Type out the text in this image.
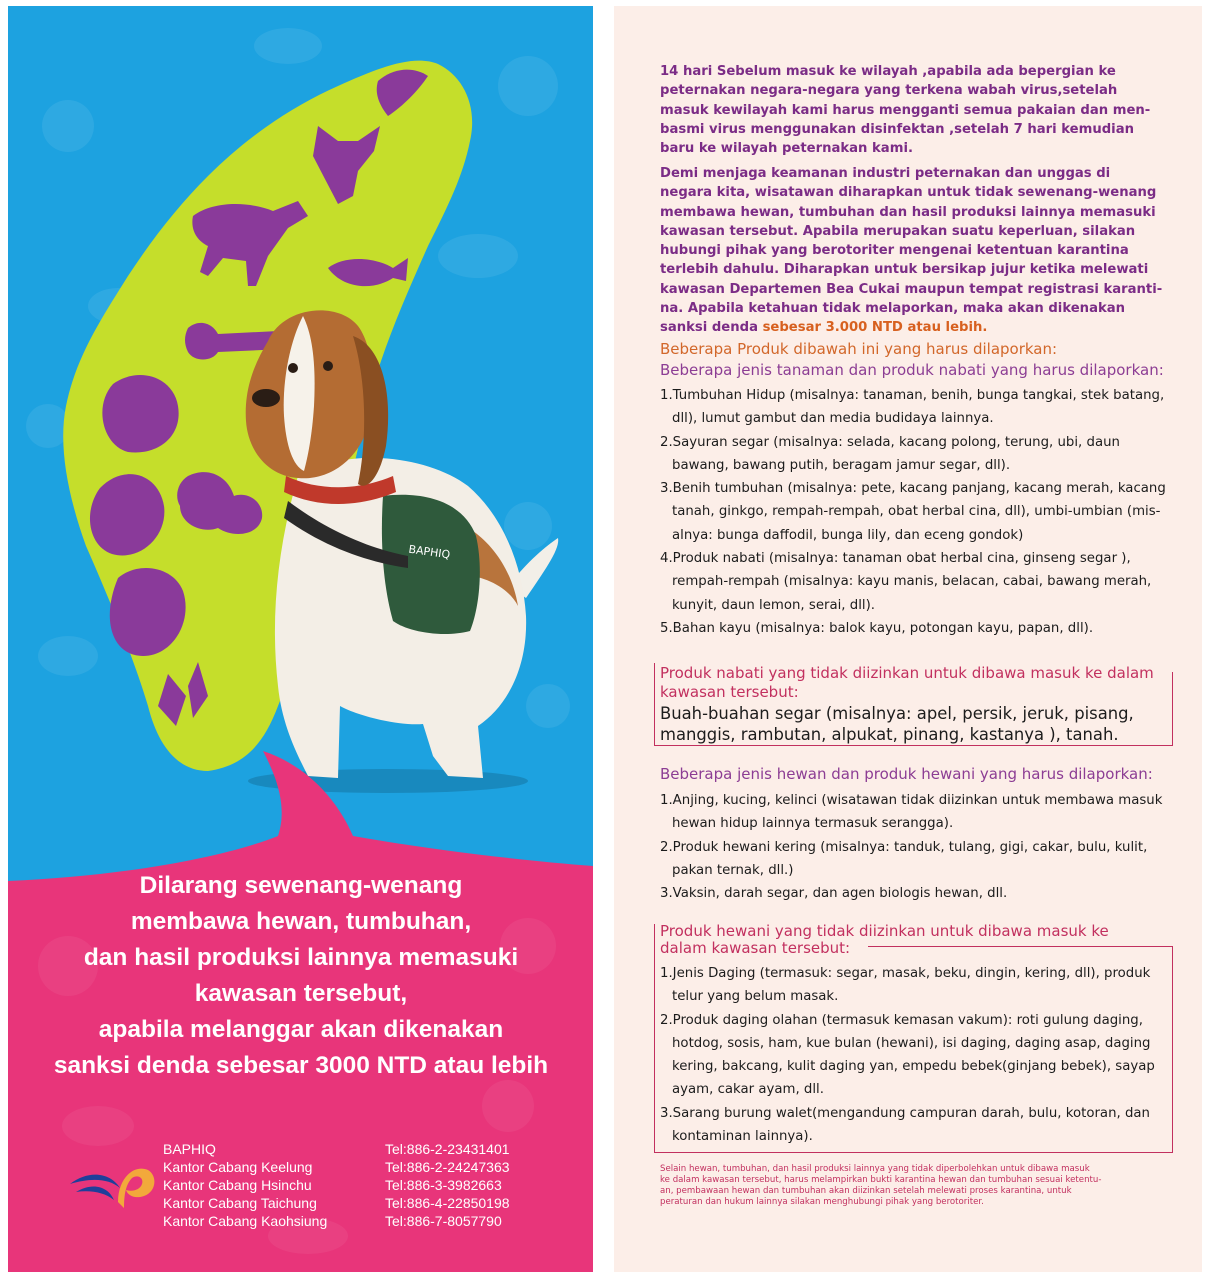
BAPHIQ
Dilarang sewenang-wenang
membawa hewan, tumbuhan,
dan hasil produksi lainnya memasuki
kawasan tersebut,
apabila melanggar akan dikenakan
sanksi denda sebesar 3000 NTD atau lebih
BAPHIQ	Tel:886-2-23431401
Kantor Cabang Keelung	Tel:886-2-24247363
Kantor Cabang Hsinchu	Tel:886-3-3982663
Kantor Cabang Taichung	Tel:886-4-22850198
Kantor Cabang Kaohsiung	Tel:886-7-8057790
14 hari Sebelum masuk ke wilayah ,apabila ada bepergian ke
peternakan negara-negara yang terkena wabah virus,setelah
masuk kewilayah kami harus mengganti semua pakaian dan men-
basmi virus menggunakan disinfektan ,setelah 7 hari kemudian
baru ke wilayah peternakan kami.
Demi menjaga keamanan industri peternakan dan unggas di
negara kita, wisatawan diharapkan untuk tidak sewenang-wenang
membawa hewan, tumbuhan dan hasil produksi lainnya memasuki
kawasan tersebut. Apabila merupakan suatu keperluan, silakan
hubungi pihak yang berotoriter mengenai ketentuan karantina
terlebih dahulu. Diharapkan untuk bersikap jujur ketika melewati
kawasan Departemen Bea Cukai maupun tempat registrasi karanti-
na. Apabila ketahuan tidak melaporkan, maka akan dikenakan
sanksi denda sebesar 3.000 NTD atau lebih.
Beberapa Produk dibawah ini yang harus dilaporkan:
Beberapa jenis tanaman dan produk nabati yang harus dilaporkan:
1.Tumbuhan Hidup (misalnya: tanaman, benih, bunga tangkai, stek batang,
dll), lumut gambut dan media budidaya lainnya.
2.Sayuran segar (misalnya: selada, kacang polong, terung, ubi, daun
bawang, bawang putih, beragam jamur segar, dll).
3.Benih tumbuhan (misalnya: pete, kacang panjang, kacang merah, kacang
tanah, ginkgo, rempah-rempah, obat herbal cina, dll), umbi-umbian (mis-
alnya: bunga daffodil, bunga lily, dan eceng gondok)
4.Produk nabati (misalnya: tanaman obat herbal cina, ginseng segar ),
rempah-rempah (misalnya: kayu manis, belacan, cabai, bawang merah,
kunyit, daun lemon, serai, dll).
5.Bahan kayu (misalnya: balok kayu, potongan kayu, papan, dll).
Produk nabati yang tidak diizinkan untuk dibawa masuk ke dalam
kawasan tersebut:
Buah-buahan segar (misalnya: apel, persik, jeruk, pisang,
manggis, rambutan, alpukat, pinang, kastanya ), tanah.
Beberapa jenis hewan dan produk hewani yang harus dilaporkan:
1.Anjing, kucing, kelinci (wisatawan tidak diizinkan untuk membawa masuk
hewan hidup lainnya termasuk serangga).
2.Produk hewani kering (misalnya: tanduk, tulang, gigi, cakar, bulu, kulit,
pakan ternak, dll.)
3.Vaksin, darah segar, dan agen biologis hewan, dll.
Produk hewani yang tidak diizinkan untuk dibawa masuk ke
dalam kawasan tersebut:
1.Jenis Daging (termasuk: segar, masak, beku, dingin, kering, dll), produk
telur yang belum masak.
2.Produk daging olahan (termasuk kemasan vakum): roti gulung daging,
hotdog, sosis, ham, kue bulan (hewani), isi daging, daging asap, daging
kering, bakcang, kulit daging yan, empedu bebek(ginjang bebek), sayap
ayam, cakar ayam, dll.
3.Sarang burung walet(mengandung campuran darah, bulu, kotoran, dan
kontaminan lainnya).
Selain hewan, tumbuhan, dan hasil produksi lainnya yang tidak diperbolehkan untuk dibawa masuk
ke dalam kawasan tersebut, harus melampirkan bukti karantina hewan dan tumbuhan sesuai ketentu-
an, pembawaan hewan dan tumbuhan akan diizinkan setelah melewati proses karantina, untuk
peraturan dan hukum lainnya silakan menghubungi pihak yang berotoriter.
